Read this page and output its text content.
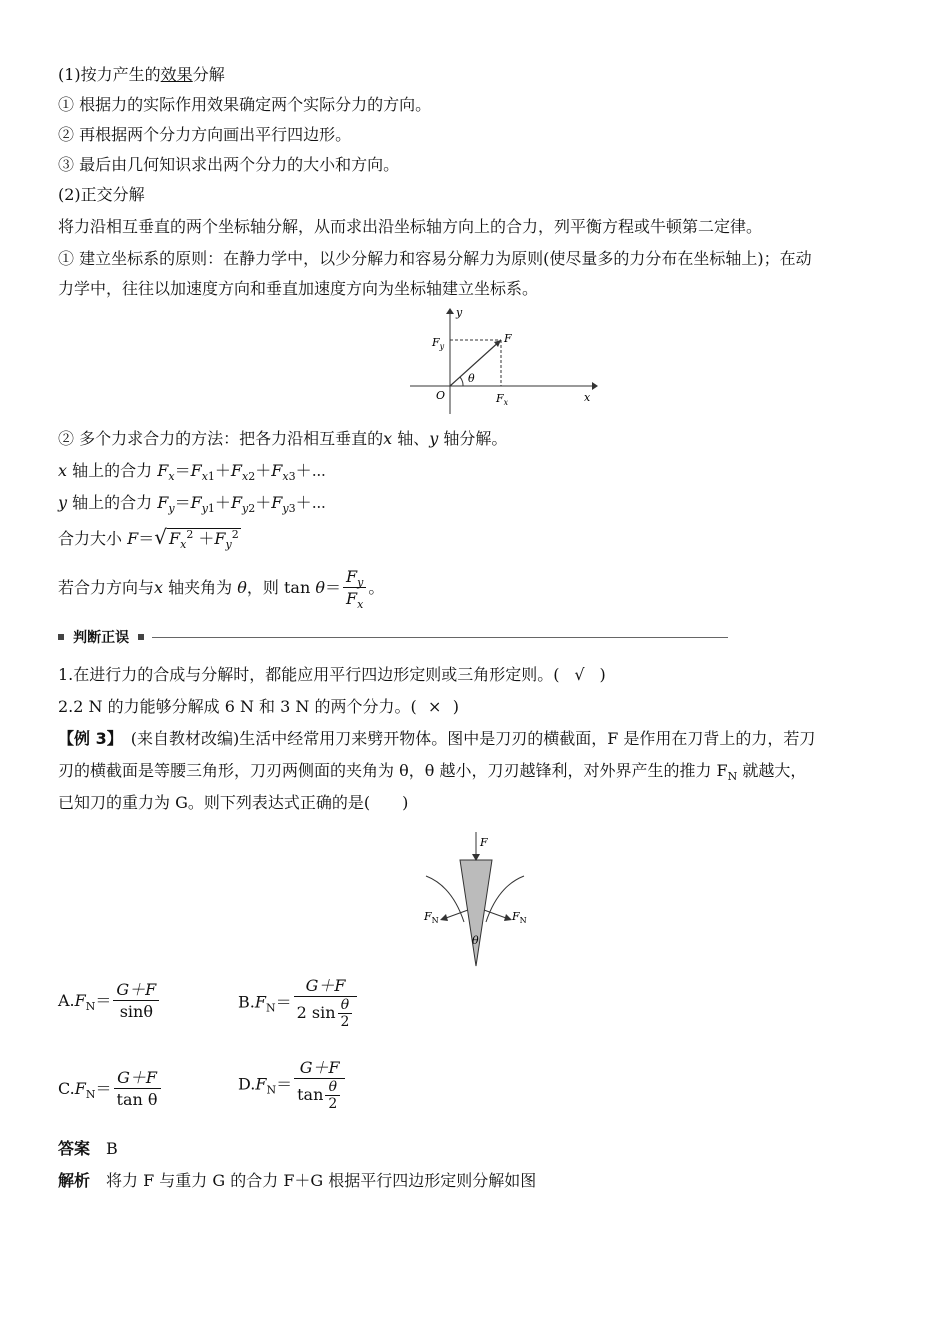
(1)按力产生的效果分解
① 根据力的实际作用效果确定两个实际分力的方向。
② 再根据两个分力方向画出平行四边形。
③ 最后由几何知识求出两个分力的大小和方向。
(2)正交分解
将力沿相互垂直的两个坐标轴分解，从而求出沿坐标轴方向上的合力，列平衡方程或牛顿第二定律。
① 建立坐标系的原则：在静力学中，以少分解力和容易分解力为原则(使尽量多的力分布在坐标轴上)；在动
力学中，往往以加速度方向和垂直加速度方向为坐标轴建立坐标系。
y
x
O
F
$F_y$
$F_x$
θ
② 多个力求合力的方法：把各力沿相互垂直的x 轴、y 轴分解。
x 轴上的合力 $F_x=F_{x1}+F_{x2}+F_{x3}+\cdots$
y 轴上的合力 $F_y=F_{y1}+F_{y2}+F_{y3}+\cdots$
合力大小 F＝√ $F_x^2 +F_y^2$
若合力方向与x 轴夹角为 θ，则 $\tan \theta= \frac{F_y}{F_x}$ 。
判断正误
1.在进行力的合成与分解时，都能应用平行四边形定则或三角形定则。( √ )
2.2 N 的力能够分解成 6 N 和 3 N 的两个分力。( × )
【例 3】 (来自教材改编)生活中经常用刀来劈开物体。图中是刀刃的横截面，F 是作用在刀背上的力，若刀
刃的横截面是等腰三角形，刀刃两侧面的夹角为 θ，θ 越小，刀刃越锋利，对外界产生的推力 $F_N$ 就越大，
已知刀的重力为 G。则下列表达式正确的是(　　)
F
$F_N$	$F_N$
θ
$A.F_N= \frac{G+F}{\sin\theta}$	$B.F_N= \frac{G+F}{2 \sin \frac{\theta}{2}}$
$C.F_N= \frac{G+F}{\text{tan θ}}$	$D.F_N= \frac{G+F}{\tan \frac{\theta}{2}}$
答案 B
解析 将力 F 与重力 G 的合力 F＋G 根据平行四边形定则分解如图
